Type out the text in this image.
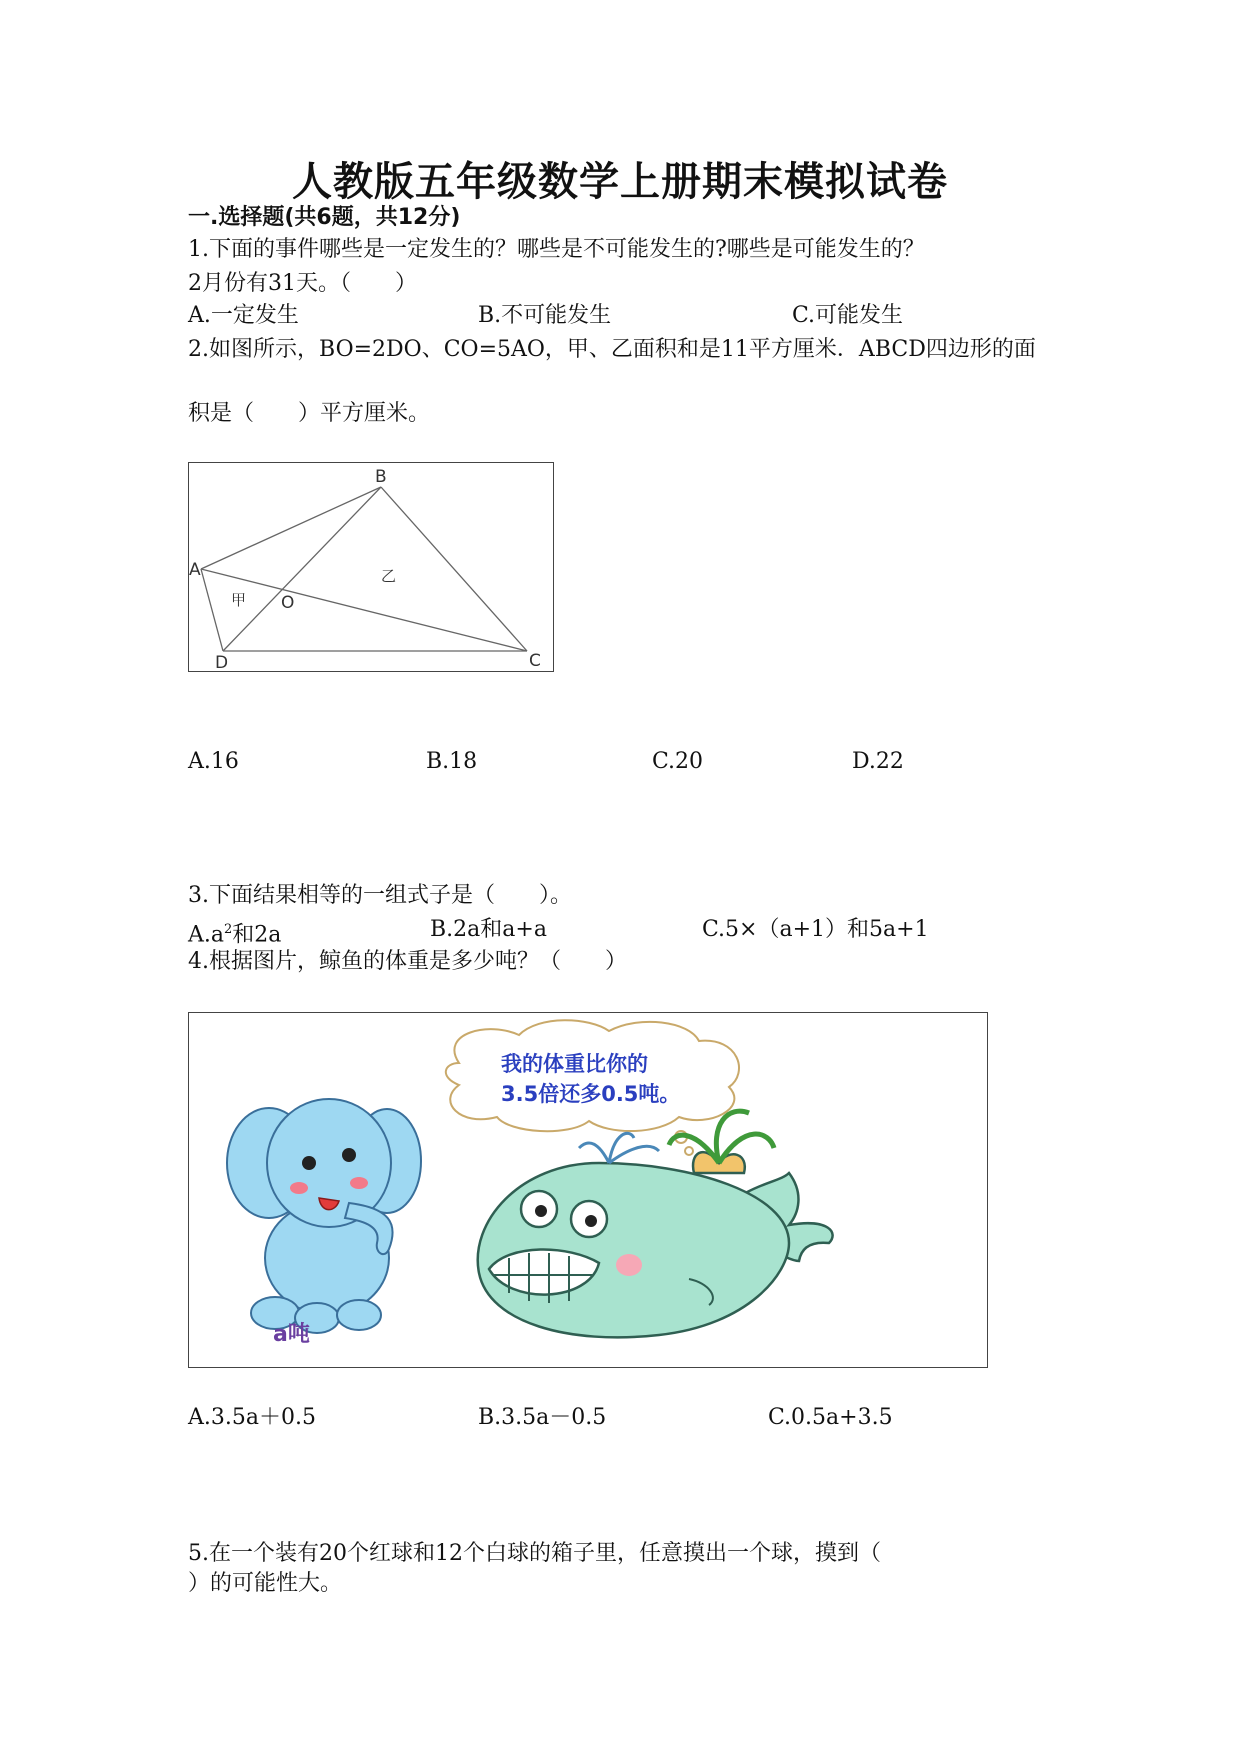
人教版五年级数学上册期末模拟试卷
一.选择题(共6题，共12分)
1.下面的事件哪些是一定发生的？哪些是不可能发生的?哪些是可能发生的？
2月份有31天。（　　）
A.一定发生	B.不可能发生	C.可能发生
2.如图所示，BO=2DO、CO=5AO，甲、乙面积和是11平方厘米．ABCD四边形的面
积是（　　）平方厘米。
A
B
C
D
O
甲
乙
A.16	B.18	C.20	D.22
3.下面结果相等的一组式子是（　　）。
$A.a^2$和2a	B.2a和a+a	C.5×（a+1）和5a+1
4.根据图片，鲸鱼的体重是多少吨？（　　）
我的体重比你的
3.5倍还多0.5吨。
a吨
A.3.5a＋0.5	B.3.5a－0.5	C.0.5a+3.5
5.在一个装有20个红球和12个白球的箱子里，任意摸出一个球，摸到（
）的可能性大。
